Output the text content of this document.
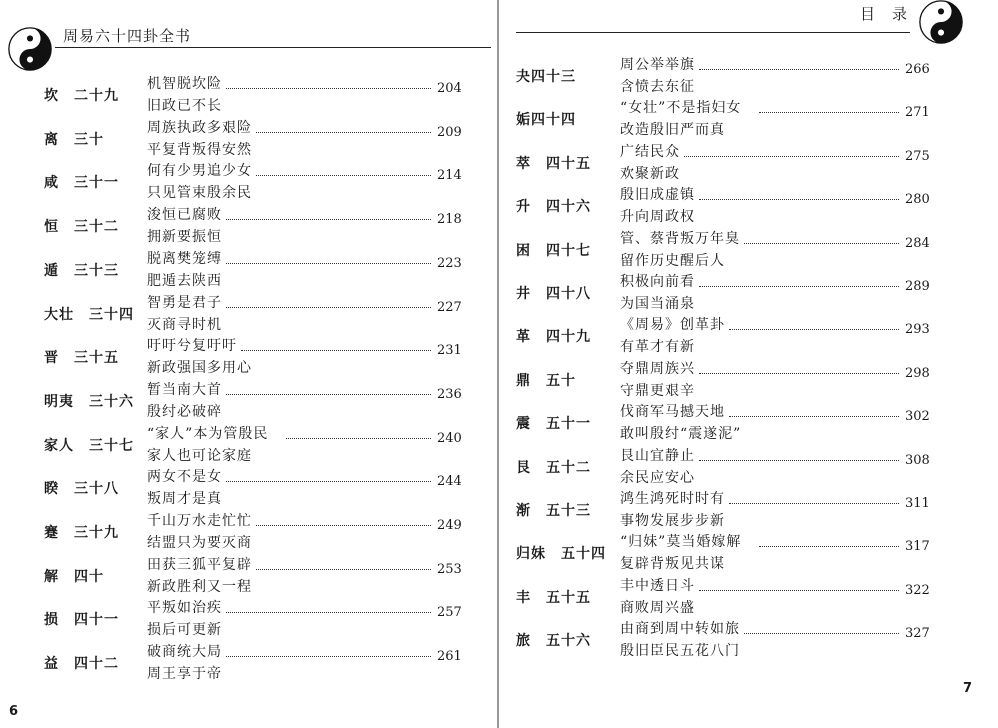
周易六十四卦全书
坎　二十九
机智脱坎险
旧政已不长
204
离　三十
周族执政多艰险
平复背叛得安然
209
咸　三十一
何有少男追少女
只见管束殷余民
214
恒　三十二
浚恒已腐败
拥新要振恒
218
遁　三十三
脱离樊笼缚
肥遁去陕西
223
大壮　三十四
智勇是君子
灭商寻时机
227
晋　三十五
吁吁兮复吁吁
新政强国多用心
231
明夷　三十六
暂当南大首
殷纣必破碎
236
家人　三十七
“家人”本为管殷民
家人也可论家庭
240
睽　三十八
两女不是女
叛周才是真
244
蹇　三十九
千山万水走忙忙
结盟只为要灭商
249
解　四十
田获三狐平复辟
新政胜利又一程
253
损　四十一
平叛如治疾
损后可更新
257
益　四十二
破商统大局
周王享于帝
261
6
目　录
夬四十三
周公举举旗
含愤去东征
266
姤四十四
“女壮”不是指妇女
改造殷旧严而真
271
萃　四十五
广结民众
欢聚新政
275
升　四十六
殷旧成虚镇
升向周政权
280
困　四十七
管、蔡背叛万年臭
留作历史醒后人
284
井　四十八
积极向前看
为国当涌泉
289
革　四十九
《周易》创革卦
有革才有新
293
鼎　五十
夺鼎周族兴
守鼎更艰辛
298
震　五十一
伐商军马撼天地
敢叫殷纣“震遂泥”
302
艮　五十二
艮山宜静止
余民应安心
308
渐　五十三
鸿生鸿死时时有
事物发展步步新
311
归妹　五十四
“归妹”莫当婚嫁解
复辟背叛见共谋
317
丰　五十五
丰中透日斗
商败周兴盛
322
旅　五十六
由商到周中转如旅
殷旧臣民五花八门
327
7
